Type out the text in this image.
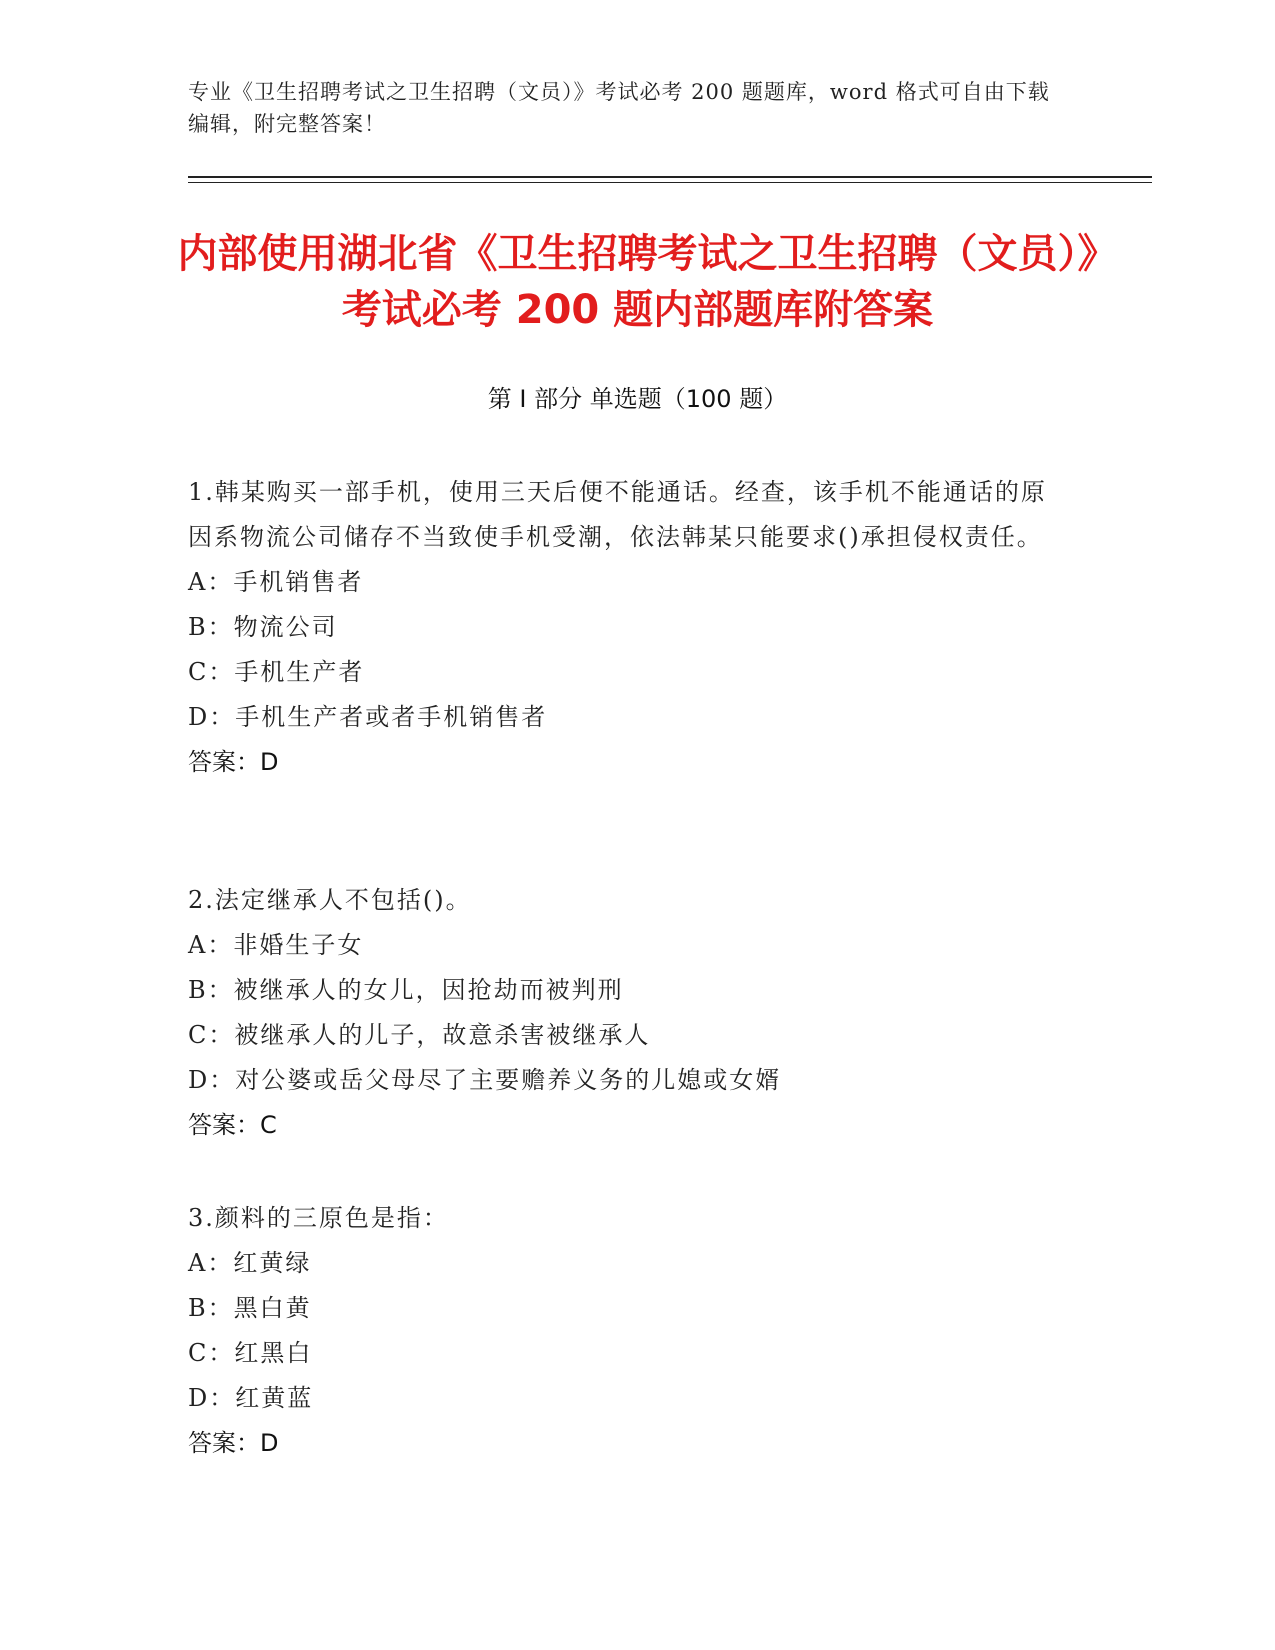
专业《卫生招聘考试之卫生招聘（文员）》考试必考 200 题题库，word 格式可自由下载编辑，附完整答案！
内部使用湖北省《卫生招聘考试之卫生招聘（文员）》考试必考 200 题内部题库附答案
第 I 部分 单选题（100 题）

1.韩某购买一部手机，使用三天后便不能通话。经查，该手机不能通话的原因系物流公司储存不当致使手机受潮，依法韩某只能要求()承担侵权责任。

A：手机销售者

B：物流公司

C：手机生产者

D：手机生产者或者手机销售者

答案：D

2.法定继承人不包括()。

A：非婚生子女

B：被继承人的女儿，因抢劫而被判刑

C：被继承人的儿子，故意杀害被继承人

D：对公婆或岳父母尽了主要赡养义务的儿媳或女婿

答案：C

3.颜料的三原色是指：

A：红黄绿

B：黑白黄

C：红黑白

D：红黄蓝

答案：D
